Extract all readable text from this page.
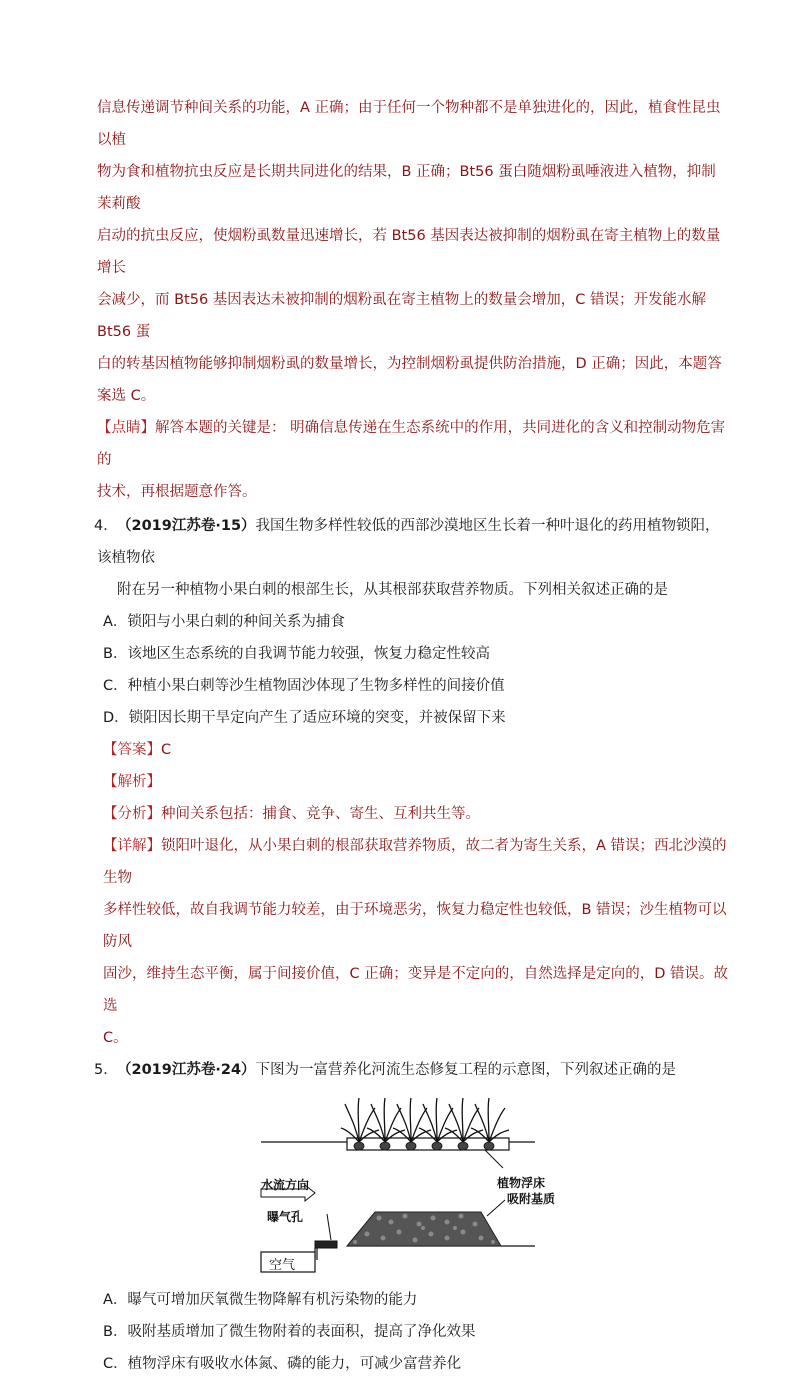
信息传递调节种间关系的功能，A 正确；由于任何一个物种都不是单独进化的，因此，植食性昆虫以植

物为食和植物抗虫反应是长期共同进化的结果，B 正确；Bt56 蛋白随烟粉虱唾液进入植物，抑制茉莉酸

启动的抗虫反应，使烟粉虱数量迅速增长，若 Bt56 基因表达被抑制的烟粉虱在寄主植物上的数量增长

会减少，而 Bt56 基因表达未被抑制的烟粉虱在寄主植物上的数量会增加，C 错误；开发能水解 Bt56 蛋

白的转基因植物能够抑制烟粉虱的数量增长，为控制烟粉虱提供防治措施，D 正确；因此，本题答案选 C。

【点睛】解答本题的关键是： 明确信息传递在生态系统中的作用，共同进化的含义和控制动物危害的

技术，再根据题意作答。

4． （2019江苏卷·15）我国生物多样性较低的西部沙漠地区生长着一种叶退化的药用植物锁阳，该植物依

附在另一种植物小果白刺的根部生长，从其根部获取营养物质。下列相关叙述正确的是

A．锁阳与小果白刺的种间关系为捕食

B．该地区生态系统的自我调节能力较强，恢复力稳定性较高

C．种植小果白刺等沙生植物固沙体现了生物多样性的间接价值

D．锁阳因长期干旱定向产生了适应环境的突变，并被保留下来

【答案】C

【解析】

【分析】种间关系包括：捕食、竞争、寄生、互利共生等。

【详解】锁阳叶退化，从小果白刺的根部获取营养物质，故二者为寄生关系，A 错误；西北沙漠的生物

多样性较低，故自我调节能力较差，由于环境恶劣，恢复力稳定性也较低，B 错误；沙生植物可以防风

固沙，维持生态平衡，属于间接价值，C 正确；变异是不定向的，自然选择是定向的，D 错误。故选

C。

5． （2019江苏卷·24）下图为一富营养化河流生态修复工程的示意图，下列叙述正确的是

植物浮床
水流方向
吸附基质
曝气孔
空气

A．曝气可增加厌氧微生物降解有机污染物的能力

B．吸附基质增加了微生物附着的表面积，提高了净化效果

C．植物浮床有吸收水体氮、磷的能力，可减少富营养化
